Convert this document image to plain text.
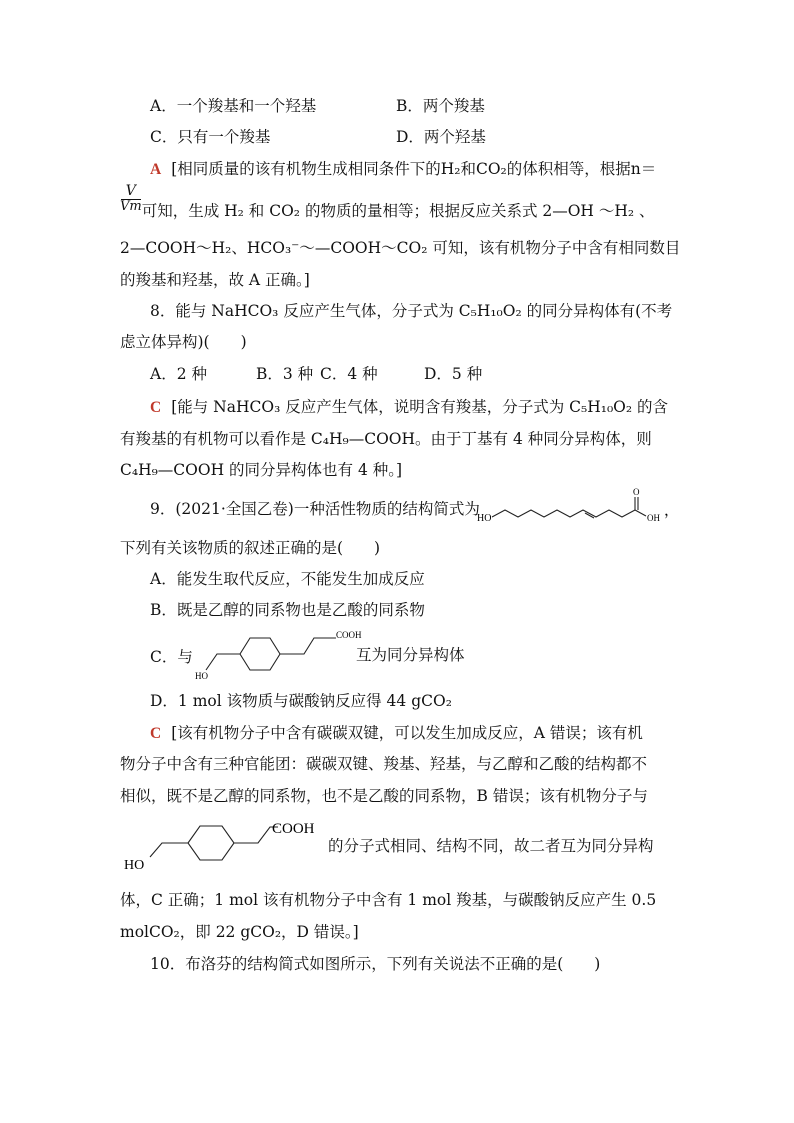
A．一个羧基和一个羟基	B．两个羧基
C．只有一个羧基	D．两个羟基
A [相同质量的该有机物生成相同条件下的H₂和CO₂的体积相等，根据n＝
$\frac{V}{Vm}$ 可知，生成 H₂ 和 CO₂ 的物质的量相等；根据反应关系式 2—OH ～H₂ 、
2—COOH～H₂、HCO₃⁻～—COOH～CO₂ 可知，该有机物分子中含有相同数目
的羧基和羟基，故 A 正确。]
8．能与 NaHCO₃ 反应产生气体，分子式为 C₅H₁₀O₂ 的同分异构体有(不考
虑立体异构)(　　)
A．2 种	B．3 种 C．4 种	D．5 种
C [能与 NaHCO₃ 反应产生气体，说明含有羧基，分子式为 C₅H₁₀O₂ 的含
有羧基的有机物可以看作是 C₄H₉—COOH。由于丁基有 4 种同分异构体，则
C₄H₉—COOH 的同分异构体也有 4 种。]
9．(2021·全国乙卷)一种活性物质的结构简式为
HO
O
OH ，
下列有关该物质的叙述正确的是(　　)
A．能发生取代反应，不能发生加成反应
B．既是乙醇的同系物也是乙酸的同系物
C．与
HO
COOH
互为同分异构体
D．1 mol 该物质与碳酸钠反应得 44 gCO₂
C [该有机物分子中含有碳碳双键，可以发生加成反应，A 错误；该有机
物分子中含有三种官能团：碳碳双键、羧基、羟基，与乙醇和乙酸的结构都不
相似，既不是乙醇的同系物，也不是乙酸的同系物，B 错误；该有机物分子与
HO
COOH
的分子式相同、结构不同，故二者互为同分异构
体，C 正确；1 mol 该有机物分子中含有 1 mol 羧基，与碳酸钠反应产生 0.5
molCO₂，即 22 gCO₂，D 错误。]
10．布洛芬的结构简式如图所示，下列有关说法不正确的是(　　)
